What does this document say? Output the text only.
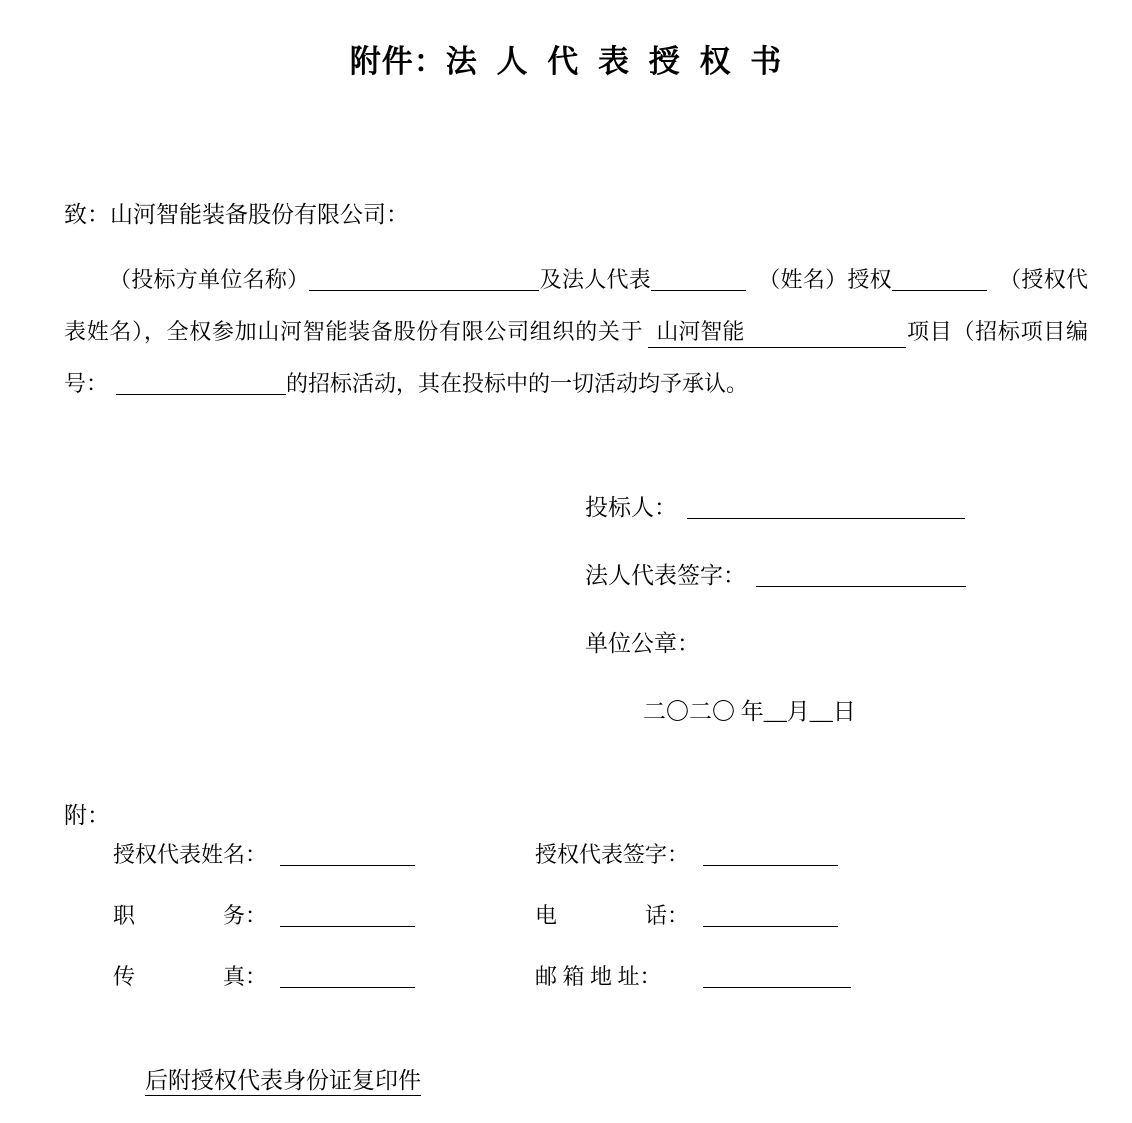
附件：法 人 代 表 授 权 书
致：山河智能装备股份有限公司：

（投标方单位名称）	及法人代表	（姓名）授权	（授权代表姓名），全权参加山河智能装备股份有限公司组织的关于 山河智能	项目（招标项目编号：	的招标活动，其在投标中的一切活动均予承认。

投标人：
法人代表签字：
单位公章：
二〇二〇 年__月__日
附：
授权代表姓名：	授权代表签字：
职　　　　务：	电　　　　话：
传　　　　真：	邮 箱 地 址：
后附授权代表身份证复印件
